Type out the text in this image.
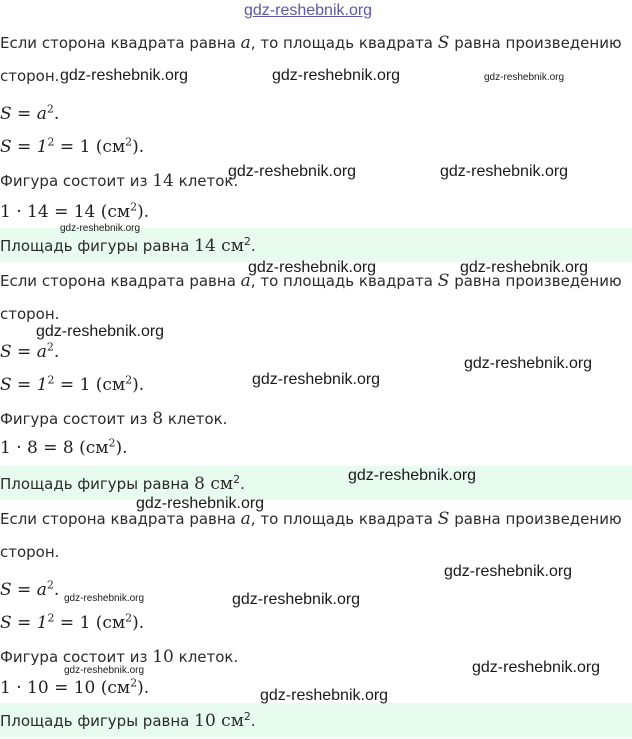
gdz-reshebnik.org
Если сторона квадрата равна a, то площадь квадрата S равна произведению
сторон.
$S = a^2$.
$S = 1^2 = 1$ $(см^2)$.
Фигура состоит из 14 клеток.
1 · 14 = 14 $(см^2)$.
Площадь фигуры равна 14 $см^2$.
Если сторона квадрата равна a, то площадь квадрата S равна произведению
сторон.
$S = a^2$.
$S = 1^2 = 1$ $(см^2)$.
Фигура состоит из 8 клеток.
1 · 8 = 8 $(см^2)$.
Площадь фигуры равна 8 $см^2$.
Если сторона квадрата равна a, то площадь квадрата S равна произведению
сторон.
$S = a^2$.
$S = 1^2 = 1$ $(см^2)$.
Фигура состоит из 10 клеток.
1 · 10 = 10 $(см^2)$.
Площадь фигуры равна 10 $см^2$.
gdz-reshebnik.org	gdz-reshebnik.org	gdz-reshebnik.org
gdz-reshebnik.org	gdz-reshebnik.org
gdz-reshebnik.org
gdz-reshebnik.org	gdz-reshebnik.org
gdz-reshebnik.org
gdz-reshebnik.org
gdz-reshebnik.org
gdz-reshebnik.org
gdz-reshebnik.org
gdz-reshebnik.org
gdz-reshebnik.org	gdz-reshebnik.org
gdz-reshebnik.org	gdz-reshebnik.org
gdz-reshebnik.org
